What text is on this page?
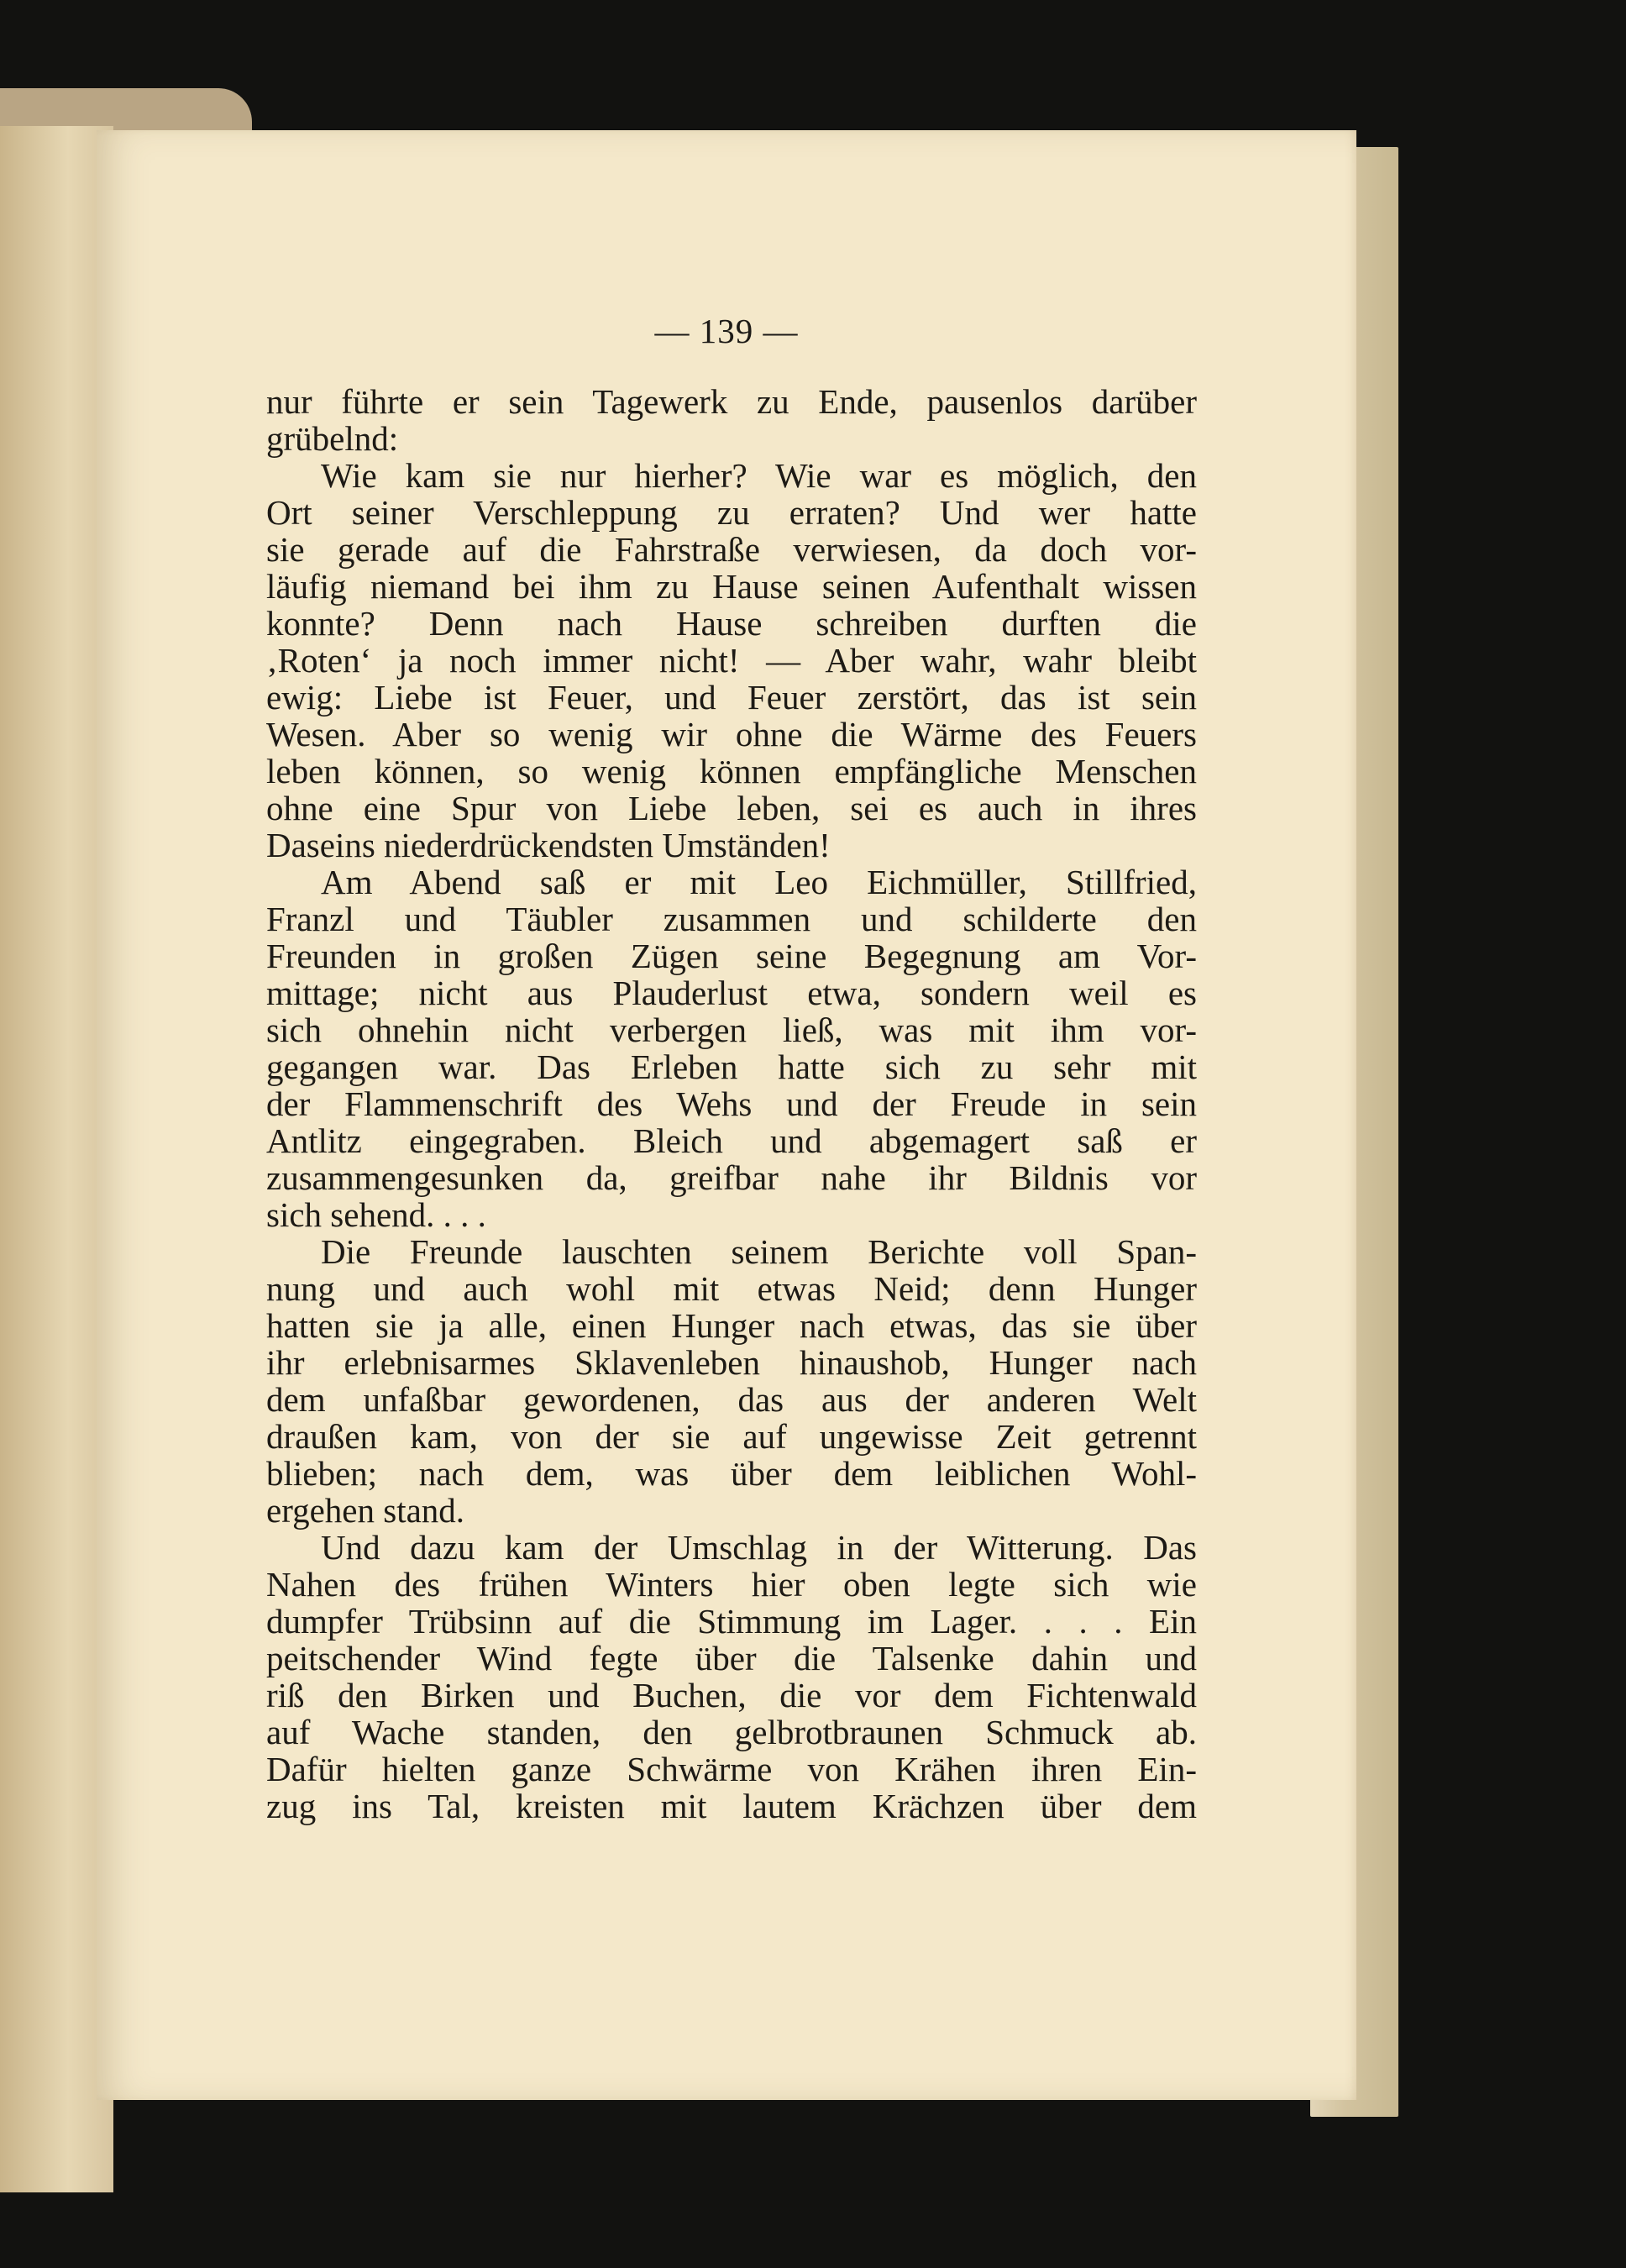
— 139 —
nur führte er sein Tagewerk zu Ende, pausenlos darüber
grübelnd:
Wie kam sie nur hierher? Wie war es möglich, den
Ort seiner Verschleppung zu erraten? Und wer hatte
sie gerade auf die Fahrstraße verwiesen, da doch vor-
läufig niemand bei ihm zu Hause seinen Aufenthalt wissen
konnte? Denn nach Hause schreiben durften die
‚Roten‘ ja noch immer nicht! — Aber wahr, wahr bleibt
ewig: Liebe ist Feuer, und Feuer zerstört, das ist sein
Wesen. Aber so wenig wir ohne die Wärme des Feuers
leben können, so wenig können empfängliche Menschen
ohne eine Spur von Liebe leben, sei es auch in ihres
Daseins niederdrückendsten Umständen!
Am Abend saß er mit Leo Eichmüller, Stillfried,
Franzl und Täubler zusammen und schilderte den
Freunden in großen Zügen seine Begegnung am Vor-
mittage; nicht aus Plauderlust etwa, sondern weil es
sich ohnehin nicht verbergen ließ, was mit ihm vor-
gegangen war. Das Erleben hatte sich zu sehr mit
der Flammenschrift des Wehs und der Freude in sein
Antlitz eingegraben. Bleich und abgemagert saß er
zusammengesunken da, greifbar nahe ihr Bildnis vor
sich sehend. . . .
Die Freunde lauschten seinem Berichte voll Span-
nung und auch wohl mit etwas Neid; denn Hunger
hatten sie ja alle, einen Hunger nach etwas, das sie über
ihr erlebnisarmes Sklavenleben hinaushob, Hunger nach
dem unfaßbar gewordenen, das aus der anderen Welt
draußen kam, von der sie auf ungewisse Zeit getrennt
blieben; nach dem, was über dem leiblichen Wohl-
ergehen stand.
Und dazu kam der Umschlag in der Witterung. Das
Nahen des frühen Winters hier oben legte sich wie
dumpfer Trübsinn auf die Stimmung im Lager. . . . Ein
peitschender Wind fegte über die Talsenke dahin und
riß den Birken und Buchen, die vor dem Fichtenwald
auf Wache standen, den gelbrotbraunen Schmuck ab.
Dafür hielten ganze Schwärme von Krähen ihren Ein-
zug ins Tal, kreisten mit lautem Krächzen über dem
